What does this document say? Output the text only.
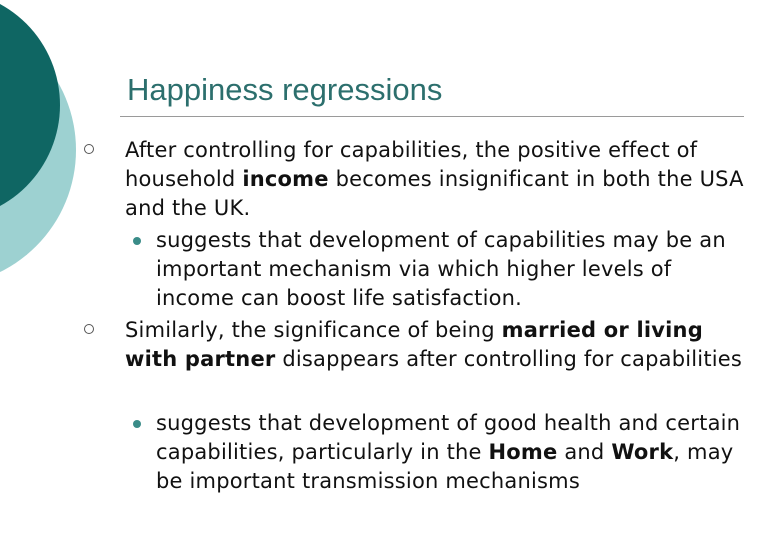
Happiness regressions
After controlling for capabilities, the positive effect of household income becomes insignificant in both the USA and the UK.
suggests that development of capabilities may be an important mechanism via which higher levels of income can boost life satisfaction.
Similarly, the significance of being married or living with partner disappears after controlling for capabilities
suggests that development of good health and certain capabilities, particularly in the Home and Work, may be important transmission mechanisms
